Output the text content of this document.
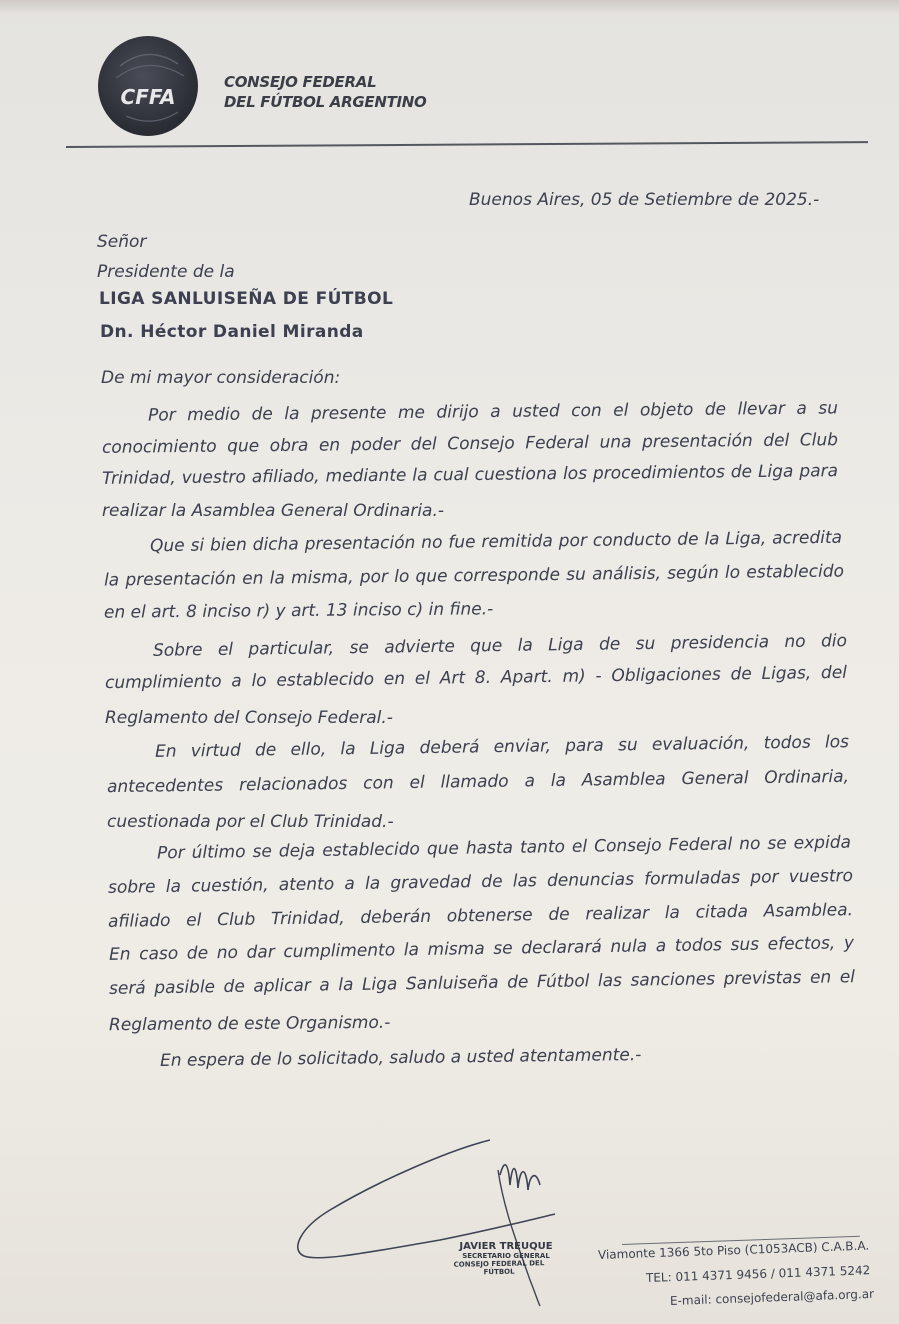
CFFA
CONSEJO FEDERAL
DEL FÚTBOL ARGENTINO
Buenos Aires, 05 de Setiembre de 2025.-
Señor
Presidente de la
LIGA SANLUISEÑA DE FÚTBOL
Dn. Héctor Daniel Miranda
De mi mayor consideración:
Por medio de la presente me dirijo a usted con el objeto de llevar a su
conocimiento que obra en poder del Consejo Federal una presentación del Club
Trinidad, vuestro afiliado, mediante la cual cuestiona los procedimientos de Liga para
realizar la Asamblea General Ordinaria.-
Que si bien dicha presentación no fue remitida por conducto de la Liga, acredita
la presentación en la misma, por lo que corresponde su análisis, según lo establecido
en el art. 8 inciso r) y art. 13 inciso c) in fine.-
Sobre el particular, se advierte que la Liga de su presidencia no dio
cumplimiento a lo establecido en el Art 8. Apart. m) - Obligaciones de Ligas, del
Reglamento del Consejo Federal.-
En virtud de ello, la Liga deberá enviar, para su evaluación, todos los
antecedentes relacionados con el llamado a la Asamblea General Ordinaria,
cuestionada por el Club Trinidad.-
Por último se deja establecido que hasta tanto el Consejo Federal no se expida
sobre la cuestión, atento a la gravedad de las denuncias formuladas por vuestro
afiliado el Club Trinidad, deberán obtenerse de realizar la citada Asamblea.
En caso de no dar cumplimento la misma se declarará nula a todos sus efectos, y
será pasible de aplicar a la Liga Sanluiseña de Fútbol las sanciones previstas en el
Reglamento de este Organismo.-
En espera de lo solicitado, saludo a usted atentamente.-
JAVIER TREUQUE
SECRETARIO GENERAL
CONSEJO FEDERAL DEL FÚTBOL
Viamonte 1366 5to Piso (C1053ACB) C.A.B.A.
TEL: 011 4371 9456 / 011 4371 5242
E-mail: consejofederal@afa.org.ar
